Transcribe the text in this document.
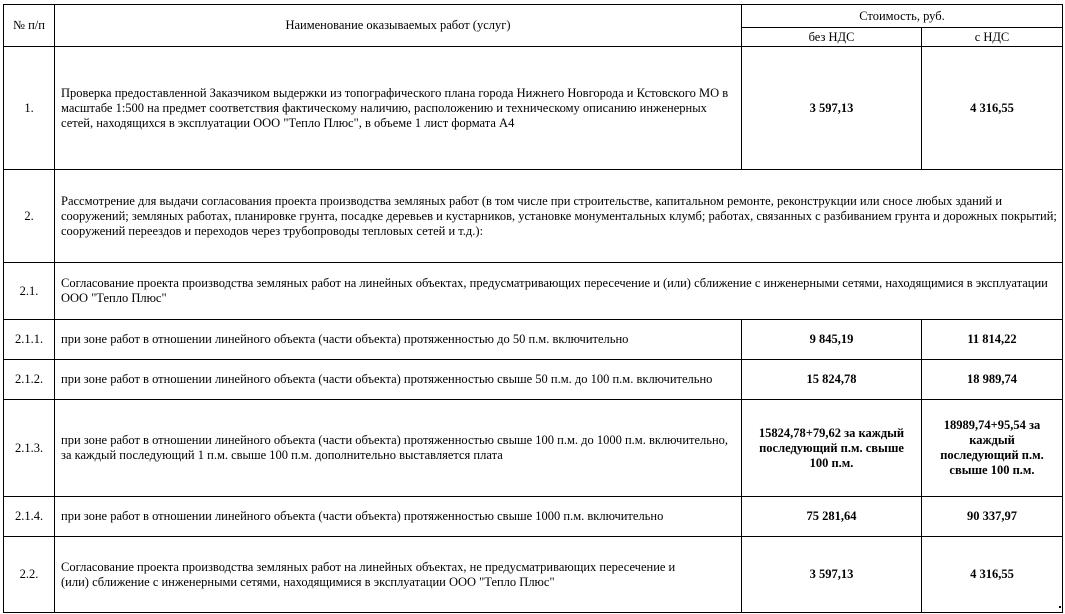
№ п/п	Наименование оказываемых работ (услуг)	Стоимость, руб.	
		без НДС	с НДС
1.	Проверка предоставленной Заказчиком выдержки из топографического плана города Нижнего Новгорода и Кстовского МО в масштабе 1:500 на предмет соответствия фактическому наличию, расположению и техническому описанию инженерных сетей, находящихся в эксплуатации ООО "Тепло Плюс", в объеме 1 лист формата А4	3 597,13	4 316,55
2.	Рассмотрение для выдачи согласования проекта производства земляных работ (в том числе при строительстве, капитальном ремонте, реконструкции или сносе любых зданий и сооружений; земляных работах, планировке грунта, посадке деревьев и кустарников, установке монументальных клумб; работах, связанных с разбиванием грунта и дорожных покрытий; сооружений переездов и переходов через трубопроводы тепловых сетей и т.д.):		
2.1.	Согласование проекта производства земляных работ на линейных объектах, предусматривающих пересечение и (или) сближение с инженерными сетями, находящимися в эксплуатации ООО "Тепло Плюс"		
2.1.1.	при зоне работ в отношении линейного объекта (части объекта) протяженностью до 50 п.м. включительно	9 845,19	11 814,22
2.1.2.	при зоне работ в отношении линейного объекта (части объекта) протяженностью свыше 50 п.м. до 100 п.м. включительно	15 824,78	18 989,74
2.1.3.	при зоне работ в отношении линейного объекта (части объекта) протяженностью свыше 100 п.м. до 1000 п.м. включительно, за каждый последующий 1 п.м. свыше 100 п.м. дополнительно выставляется плата	15824,78+79,62 за каждый последующий п.м. свыше 100 п.м.	18989,74+95,54 за каждый последующий п.м. свыше 100 п.м.
2.1.4.	при зоне работ в отношении линейного объекта (части объекта) протяженностью свыше 1000 п.м. включительно	75 281,64	90 337,97
2.2.	Согласование проекта производства земляных работ на линейных объектах, не предусматривающих пересечение и (или) сближение с инженерными сетями, находящимися в эксплуатации ООО "Тепло Плюс"	3 597,13	4 316,55
